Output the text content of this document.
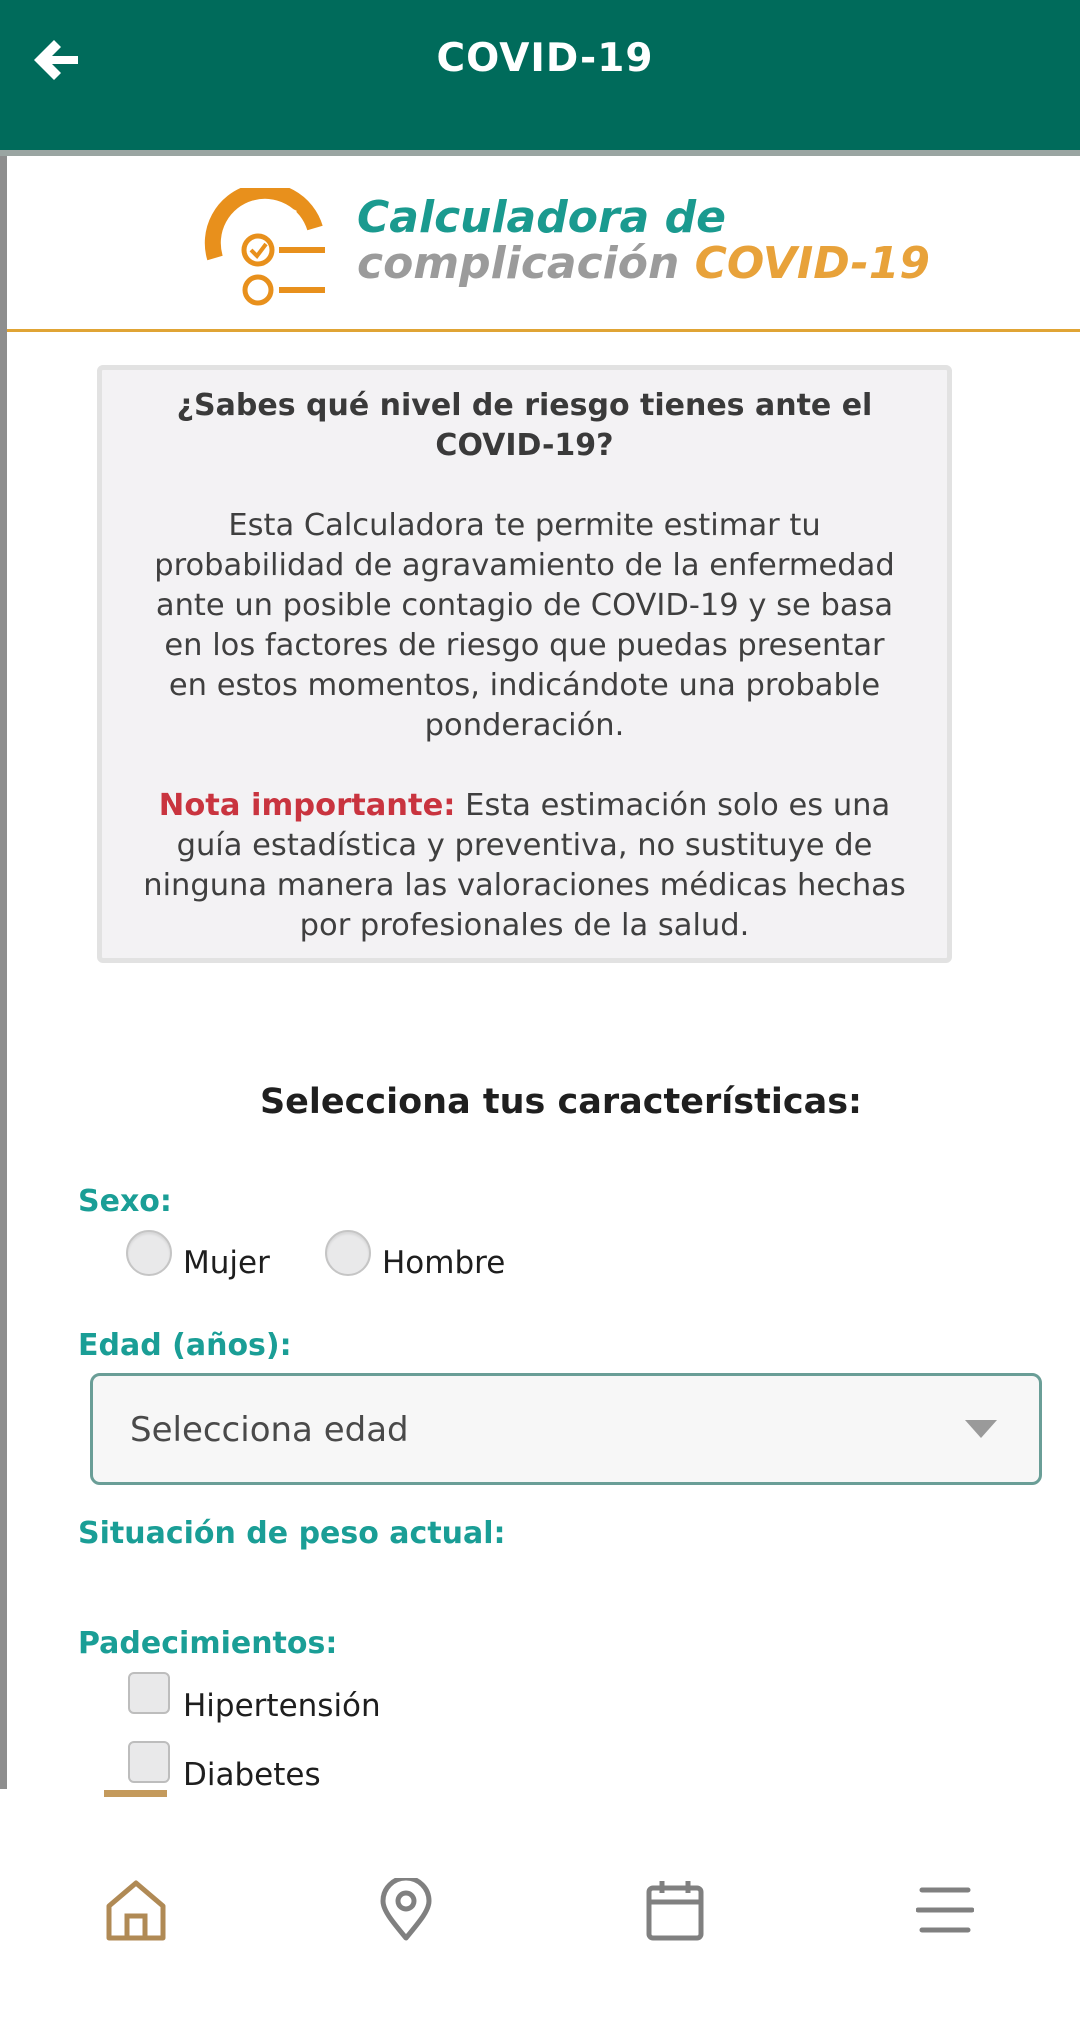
COVID-19
Calculadora de
complicación COVID-19
¿Sabes qué nivel de riesgo tienes ante el COVID-19?
Esta Calculadora te permite estimar tu probabilidad de agravamiento de la enfermedad ante un posible contagio de COVID-19 y se basa en los factores de riesgo que puedas presentar en estos momentos, indicándote una probable ponderación.
Nota importante: Esta estimación solo es una guía estadística y preventiva, no sustituye de ninguna manera las valoraciones médicas hechas por profesionales de la salud.
Selecciona tus características:
Sexo:
Mujer	Hombre
Edad (años):
Selecciona edad
Situación de peso actual:
Padecimientos:
Hipertensión
Diabetes
